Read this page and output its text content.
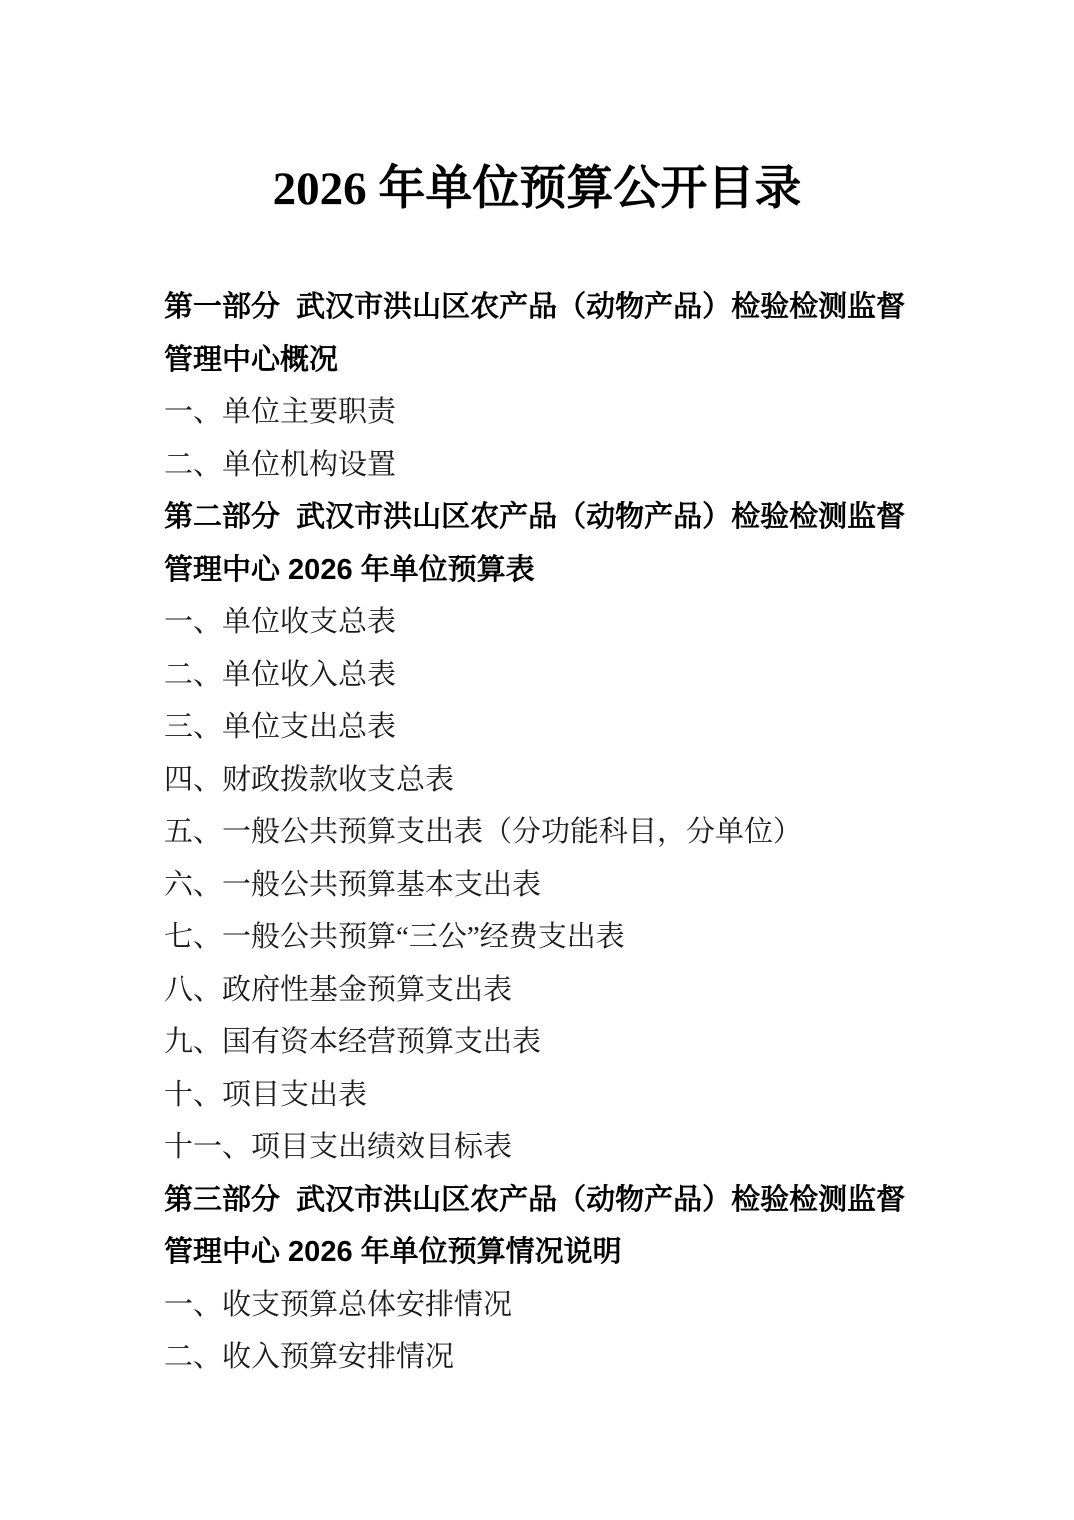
2026 年单位预算公开目录
第一部分  武汉市洪山区农产品（动物产品）检验检测监督
管理中心概况
一、单位主要职责
二、单位机构设置
第二部分  武汉市洪山区农产品（动物产品）检验检测监督
管理中心 2026 年单位预算表
一、单位收支总表
二、单位收入总表
三、单位支出总表
四、财政拨款收支总表
五、一般公共预算支出表（分功能科目，分单位）
六、一般公共预算基本支出表
七、一般公共预算“三公”经费支出表
八、政府性基金预算支出表
九、国有资本经营预算支出表
十、项目支出表
十一、项目支出绩效目标表
第三部分  武汉市洪山区农产品（动物产品）检验检测监督
管理中心 2026 年单位预算情况说明
一、收支预算总体安排情况
二、收入预算安排情况
